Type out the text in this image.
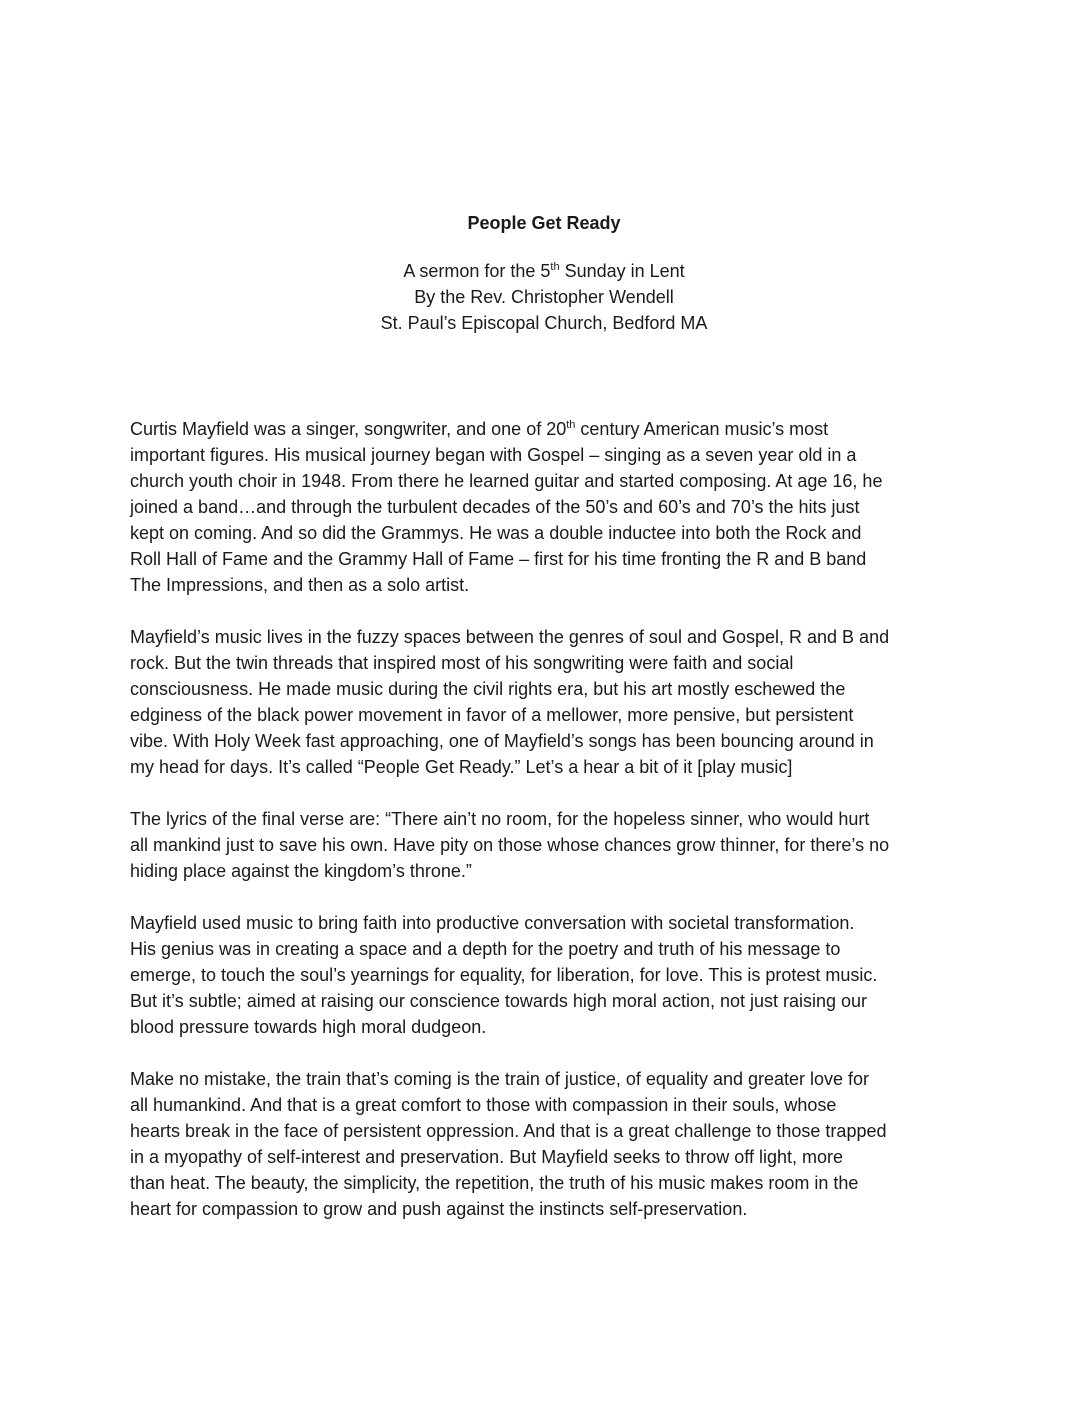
People Get Ready
A sermon for the 5th Sunday in Lent
By the Rev. Christopher Wendell
St. Paul’s Episcopal Church, Bedford MA

Curtis Mayfield was a singer, songwriter, and one of 20th century American music’s most
important figures. His musical journey began with Gospel – singing as a seven year old in a
church youth choir in 1948. From there he learned guitar and started composing. At age 16, he
joined a band…and through the turbulent decades of the 50’s and 60’s and 70’s the hits just
kept on coming. And so did the Grammys. He was a double inductee into both the Rock and
Roll Hall of Fame and the Grammy Hall of Fame – first for his time fronting the R and B band
The Impressions, and then as a solo artist.

Mayfield’s music lives in the fuzzy spaces between the genres of soul and Gospel, R and B and
rock. But the twin threads that inspired most of his songwriting were faith and social
consciousness. He made music during the civil rights era, but his art mostly eschewed the
edginess of the black power movement in favor of a mellower, more pensive, but persistent
vibe. With Holy Week fast approaching, one of Mayfield’s songs has been bouncing around in
my head for days. It’s called “People Get Ready.” Let’s a hear a bit of it [play music]

The lyrics of the final verse are: “There ain’t no room, for the hopeless sinner, who would hurt
all mankind just to save his own. Have pity on those whose chances grow thinner, for there’s no
hiding place against the kingdom’s throne.”

Mayfield used music to bring faith into productive conversation with societal transformation.
His genius was in creating a space and a depth for the poetry and truth of his message to
emerge, to touch the soul’s yearnings for equality, for liberation, for love. This is protest music.
But it’s subtle; aimed at raising our conscience towards high moral action, not just raising our
blood pressure towards high moral dudgeon.

Make no mistake, the train that’s coming is the train of justice, of equality and greater love for
all humankind. And that is a great comfort to those with compassion in their souls, whose
hearts break in the face of persistent oppression. And that is a great challenge to those trapped
in a myopathy of self-interest and preservation. But Mayfield seeks to throw off light, more
than heat. The beauty, the simplicity, the repetition, the truth of his music makes room in the
heart for compassion to grow and push against the instincts self-preservation.
